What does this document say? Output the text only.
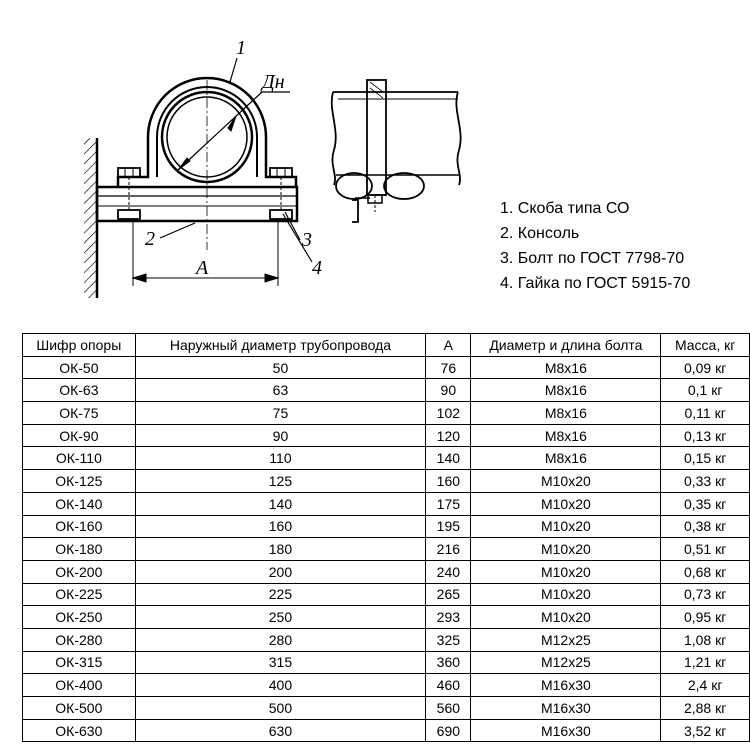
1
2	3
4
Дн
A
1. Скоба типа СО
2. Консоль
3. Болт по ГОСТ 7798-70
4. Гайка по ГОСТ 5915-70
Шифр опоры	Наружный диаметр трубопровода	A	Диаметр и длина болта	Масса, кг
ОК-50	50	76	М8x16	0,09 кг
ОК-63	63	90	М8x16	0,1 кг
ОК-75	75	102	М8x16	0,11 кг
ОК-90	90	120	М8x16	0,13 кг
ОК-110	110	140	М8x16	0,15 кг
ОК-125	125	160	М10x20	0,33 кг
ОК-140	140	175	М10x20	0,35 кг
ОК-160	160	195	М10x20	0,38 кг
ОК-180	180	216	М10x20	0,51 кг
ОК-200	200	240	М10x20	0,68 кг
ОК-225	225	265	М10x20	0,73 кг
ОК-250	250	293	М10x20	0,95 кг
ОК-280	280	325	М12x25	1,08 кг
ОК-315	315	360	М12x25	1,21 кг
ОК-400	400	460	М16x30	2,4 кг
ОК-500	500	560	М16x30	2,88 кг
ОК-630	630	690	М16x30	3,52 кг
